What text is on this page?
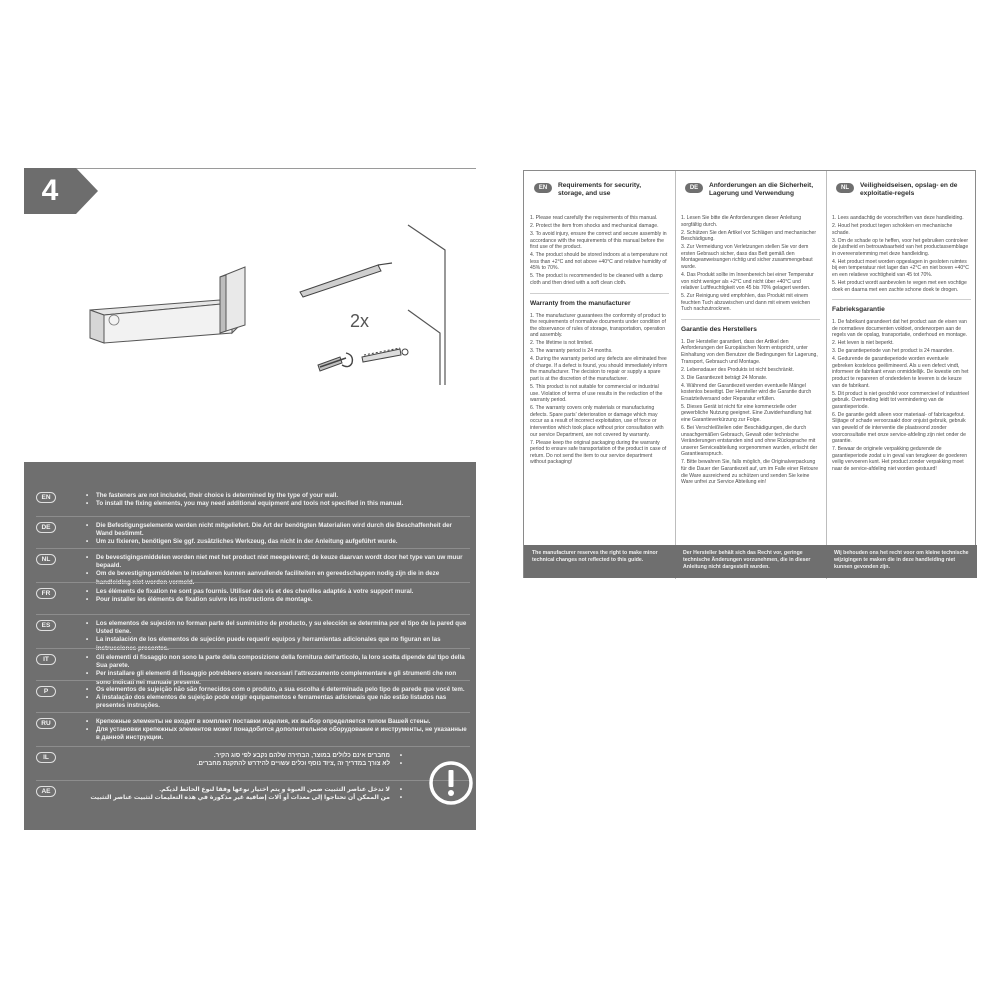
4
2x
EN	• The fasteners are not included, their choice is determined by the type of your wall.
• To install the fixing elements, you may need additional equipment and tools not specified in this manual.
DE	• Die Befestigungselemente werden nicht mitgeliefert. Die Art der benötigten Materialien wird durch die Beschaffenheit der Wand bestimmt.
• Um zu fixieren, benötigen Sie ggf. zusätzliches Werkzeug, das nicht in der Anleitung aufgeführt wurde.
NL	• De bevestigingsmiddelen worden niet met het product niet meegeleverd; de keuze daarvan wordt door het type van uw muur bepaald.
• Om de bevestigingsmiddelen te installeren kunnen aanvullende faciliteiten en gereedschappen nodig zijn die in deze handleiding niet worden vermeld.
FR	• Les éléments de fixation ne sont pas fournis. Utiliser des vis et des chevilles adaptés à votre support mural.
• Pour installer les éléments de fixation suivre les instructions de montage.
ES	• Los elementos de sujeción no forman parte del suministro de producto, y su elección se determina por el tipo de la pared que Usted tiene.
• La instalación de los elementos de sujeción puede requerir equipos y herramientas adicionales que no figuran en las instrucciones presentes.
IT	• Gli elementi di fissaggio non sono la parte della composizione della fornitura dell'articolo, la loro scelta dipende dal tipo della Sua parete.
• Per installare gli elementi di fissaggio potrebbero essere necessari l'attrezzamento complementare e gli strumenti che non sono indicati nel manuale presente.
P	• Os elementos de sujeição não são fornecidos com o produto, a sua escolha é determinada pelo tipo de parede que você tem.
• A instalação dos elementos de sujeição pode exigir equipamentos e ferramentas adicionais que não estão listados nas presentes instruções.
RU	• Крепежные элементы не входят в комплект поставки изделия, их выбор определяется типом Вашей стены.
• Для установки крепежных элементов может понадобится дополнительное оборудование и инструменты, не указанные в данной инструкции.
IL	• מחברים אינם כלולים במוצר, הבחירה שלהם נקבע לפי סוג הקיר.
• לא צורך במדריך זה ,ציוד נוסף וכלים עשויים להידרש להתקנת מחברים.
AE	• لا تدخل عناصر التثبيت ضمن العبوة و يتم اختيار نوعها وفقا لنوع الحائط لديكم.
• من الممكن أن تحتاجوا إلى معدات أو آلات إضافية غير مذكورة في هذه التعليمات لتثبيت عناصر التثبيت
EN	Requirements for security, storage, and use
1. Please read carefully the requirements of this manual.
2. Protect the item from shocks and mechanical damage.
3. To avoid injury, ensure the correct and secure assembly in accordance with the requirements of this manual before the first use of the product.
4. The product should be stored indoors at a temperature not less than +2°C and not above +40°C and relative humidity of 45% to 70%.
5. The product is recommended to be cleaned with a damp cloth and then dried with a soft clean cloth.
Warranty from the manufacturer
1. The manufacturer guarantees the conformity of product to the requirements of normative documents under condition of the observance of rules of storage, transportation, operation and assembly.
2. The lifetime is not limited.
3. The warranty period is 24 months.
4. During the warranty period any defects are eliminated free of charge. If a defect is found, you should immediately inform the manufacturer. The decision to repair or supply a spare part is at the discretion of the manufacturer.
5. This product is not suitable for commercial or industrial use. Violation of terms of use results in the reduction of the warranty period.
6. The warranty covers only materials or manufacturing defects. Spare parts' deterioration or damage which may occur as a result of incorrect exploitation, use of force or intervention which took place without prior consultation with our service Department, are not covered by warranty.
7. Please keep the original packaging during the warranty period to ensure safe transportation of the product in case of return. Do not send the item to our service department without packaging!
DE	Anforderungen an die Sicherheit, Lagerung und Verwendung
1. Lesen Sie bitte die Anforderungen dieser Anleitung sorgfältig durch.
2. Schützen Sie den Artikel vor Schlägen und mechanischer Beschädigung.
3. Zur Vermeidung von Verletzungen stellen Sie vor dem ersten Gebrauch sicher, dass das Bett gemäß den Montageanweisungen richtig und sicher zusammengebaut wurde.
4. Das Produkt sollte im Innenbereich bei einer Temperatur von nicht weniger als +2°C und nicht über +40°C und relativer Luftfeuchtigkeit von 45 bis 70% gelagert werden.
5. Zur Reinigung wird empfohlen, das Produkt mit einem feuchten Tuch abzuwischen und dann mit einem weichen Tuch nachzutrocknen.
Garantie des Herstellers
1. Der Hersteller garantiert, dass der Artikel den Anforderungen der Europäischen Norm entspricht, unter Einhaltung von den Benutzer die Bedingungen für Lagerung, Transport, Gebrauch und Montage.
2. Lebensdauer des Produkts ist nicht beschränkt.
3. Die Garantiezeit beträgt 24 Monate.
4. Während der Garantiezeit werden eventuelle Mängel kostenlos beseitigt. Der Hersteller wird die Garantie durch Ersatzteilversand oder Reparatur erfüllen.
5. Dieses Gerät ist nicht für eine kommerzielle oder gewerbliche Nutzung geeignet. Eine Zuwiderhandlung hat eine Garantieverkürzung zur Folge.
6. Bei Verschleißteilen oder Beschädigungen, die durch unsachgemäßen Gebrauch, Gewalt oder technische Veränderungen entstanden sind und ohne Rücksprache mit unserer Serviceabteilung vorgenommen wurden, erlischt der Garantieanspruch.
7. Bitte bewahren Sie, falls möglich, die Originalverpackung für die Dauer der Garantiezeit auf, um im Falle einer Retoure die Ware ausreichend zu schützen und senden Sie keine Ware unfrei zur Service Abteilung ein!
NL	Veiligheidseisen, opslag- en de exploitatie-regels
1. Lees aandachtig de voorschriften van deze handleiding.
2. Houd het product tegen schokken en mechanische schade.
3. Om de schade op te heffen, voor het gebruiken controleer de juistheid en betrouwbaarheid van het productassemblage in overeenstemming met deze handleiding.
4. Het product moet worden opgeslagen in gesloten ruimtes bij een temperatuur niet lager dan +2°C en niet boven +40°C en een relatieve vochtigheid van 45 tot 70%.
5. Het product wordt aanbevolen te vegen met een vochtige doek en daarna met een zachte schone doek te drogen.
Fabrieksgarantie
1. De fabrikant garandeert dat het product aan de eisen van de normatieve documenten voldoet, onderworpen aan de regels van de opslag, transportatie, onderhoud en montage.
2. Het leven is niet beperkt.
3. De garantieperiode van het product is 24 maanden.
4. Gedurende de garantieperiode worden eventuele gebreken kosteloos geëlimineerd. Als u een defect vindt, informeer de fabrikant ervan onmiddellijk. De kwestie om het product te repareren of onderdelen te leveren is de keuze van de fabrikant.
5. Dit product is niet geschikt voor commercieel of industrieel gebruik. Overtreding leidt tot vermindering van de garantieperiode.
6. De garantie geldt alleen voor materiaal- of fabricagefout. Slijtage of schade veroorzaakt door onjuist gebruik, gebruik van geweld of de interventie die plaatsvond zonder voorconsultatie met onze service-afdeling zijn niet onder de garantie.
7. Bewaar de originele verpakking gedurende de garantieperiode zodat u in geval van terugkeer de goederen veilig vervoeren kunt. Het product zonder verpakking moet naar de service-afdeling niet worden gestuurd!
The manufacturer reserves the right to make minor technical changes not reflected to this guide.
Der Hersteller behält sich das Recht vor, geringe technische Änderungen vorzunehmen, die in dieser Anleitung nicht dargestellt wurden.
Wij behouden ons het recht voor om kleine technische wijzigingen te maken die in deze handleiding niet kunnen gevonden zijn.
